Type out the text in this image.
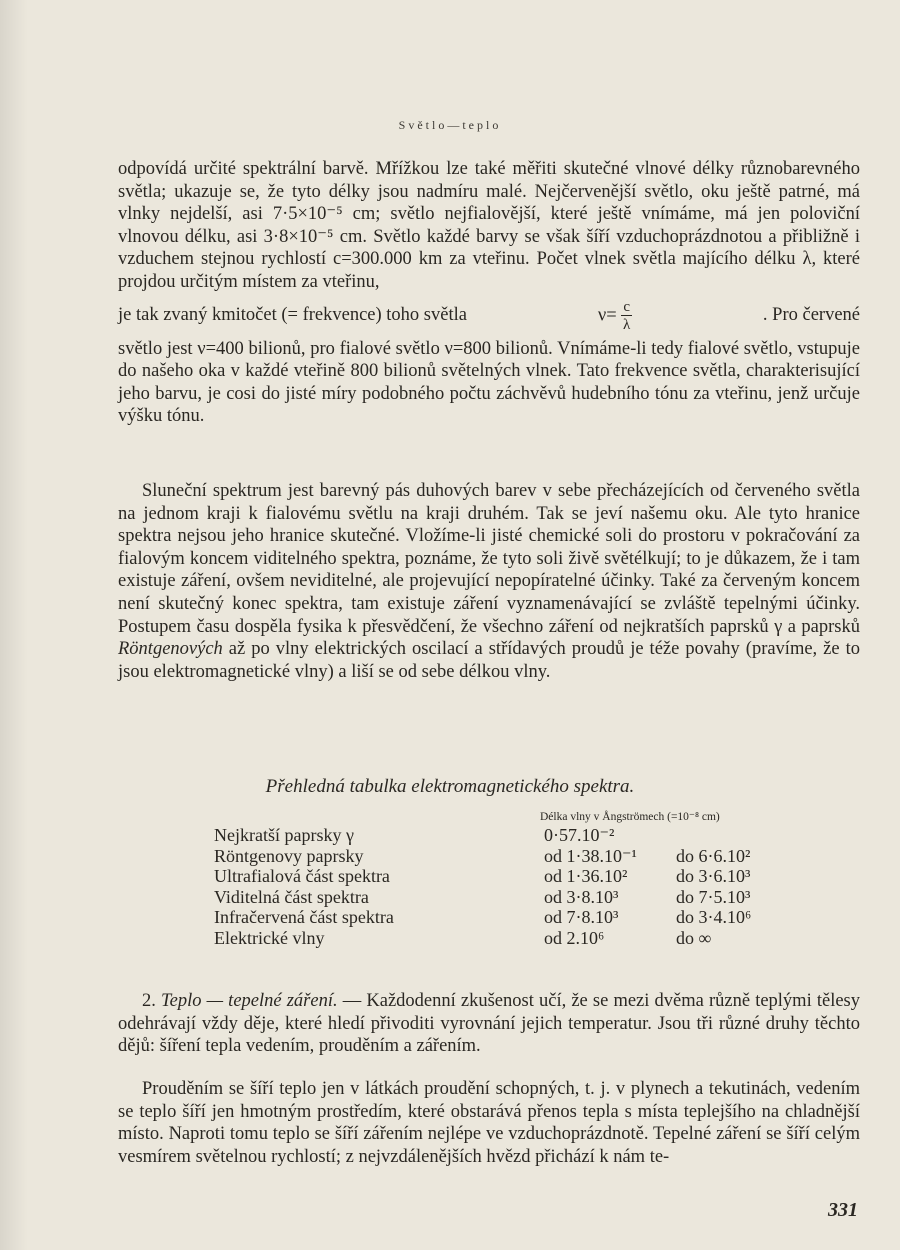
Světlo—teplo

odpovídá určité spektrální barvě. Mřížkou lze také měřiti skutečné vlnové délky různobarevného světla; ukazuje se, že tyto délky jsou nadmíru malé. Nejčervenější světlo, oku ještě patrné, má vlnky nejdelší, asi 7·5×10⁻⁵ cm; světlo nejfialovější, které ještě vnímáme, má jen poloviční vlnovou délku, asi 3·8×10⁻⁵ cm. Světlo každé barvy se však šíří vzduchoprázdnotou a přibližně i vzduchem stejnou rychlostí c=300.000 km za vteřinu. Počet vlnek světla majícího délku λ, které projdou určitým místem za vteřinu,

je tak zvaný kmitočet (= frekvence) toho světla	$\nu= \frac{c}{\lambda}$	. Pro červené

světlo jest ν=400 bilionů, pro fialové světlo ν=800 bilionů. Vnímáme-li tedy fialové světlo, vstupuje do našeho oka v každé vteřině 800 bilionů světelných vlnek. Tato frekvence světla, charakterisující jeho barvu, je cosi do jisté míry podobného počtu záchvěvů hudebního tónu za vteřinu, jenž určuje výšku tónu.

Sluneční spektrum jest barevný pás duhových barev v sebe přecházejících od červeného světla na jednom kraji k fialovému světlu na kraji druhém. Tak se jeví našemu oku. Ale tyto hranice spektra nejsou jeho hranice skutečné. Vložíme-li jisté chemické soli do prostoru v pokračování za fialovým koncem viditelného spektra, poznáme, že tyto soli živě světélkují; to je důkazem, že i tam existuje záření, ovšem neviditelné, ale projevující nepopíratelné účinky. Také za červeným koncem není skutečný konec spektra, tam existuje záření vyznamenávající se zvláště tepelnými účinky. Postupem času dospěla fysika k přesvědčení, že všechno záření od nejkratších paprsků γ a paprsků Röntgenových až po vlny elektrických oscilací a střídavých proudů je téže povahy (pravíme, že to jsou elektromagnetické vlny) a liší se od sebe délkou vlny.

Přehledná tabulka elektromagnetického spektra.
Délka vlny v Ångströmech (=10⁻⁸ cm)
Nejkratší paprsky γ	0·57.10⁻²
Röntgenovy paprsky	od 1·38.10⁻¹	do 6·6.10²
Ultrafialová část spektra	od 1·36.10²	do 3·6.10³
Viditelná část spektra	od 3·8.10³	do 7·5.10³
Infračervená část spektra	od 7·8.10³	do 3·4.10⁶
Elektrické vlny	od 2.10⁶	do ∞

2. Teplo — tepelné záření. — Každodenní zkušenost učí, že se mezi dvěma různě teplými tělesy odehrávají vždy děje, které hledí přivoditi vyrovnání jejich temperatur. Jsou tři různé druhy těchto dějů: šíření tepla vedením, prouděním a zářením.

Prouděním se šíří teplo jen v látkách proudění schopných, t. j. v plynech a tekutinách, vedením se teplo šíří jen hmotným prostředím, které obstarává přenos tepla s místa teplejšího na chladnější místo. Naproti tomu teplo se šíří zářením nejlépe ve vzduchoprázdnotě. Tepelné záření se šíří celým vesmírem světelnou rychlostí; z nejvzdálenějších hvězd přichází k nám te-

331
